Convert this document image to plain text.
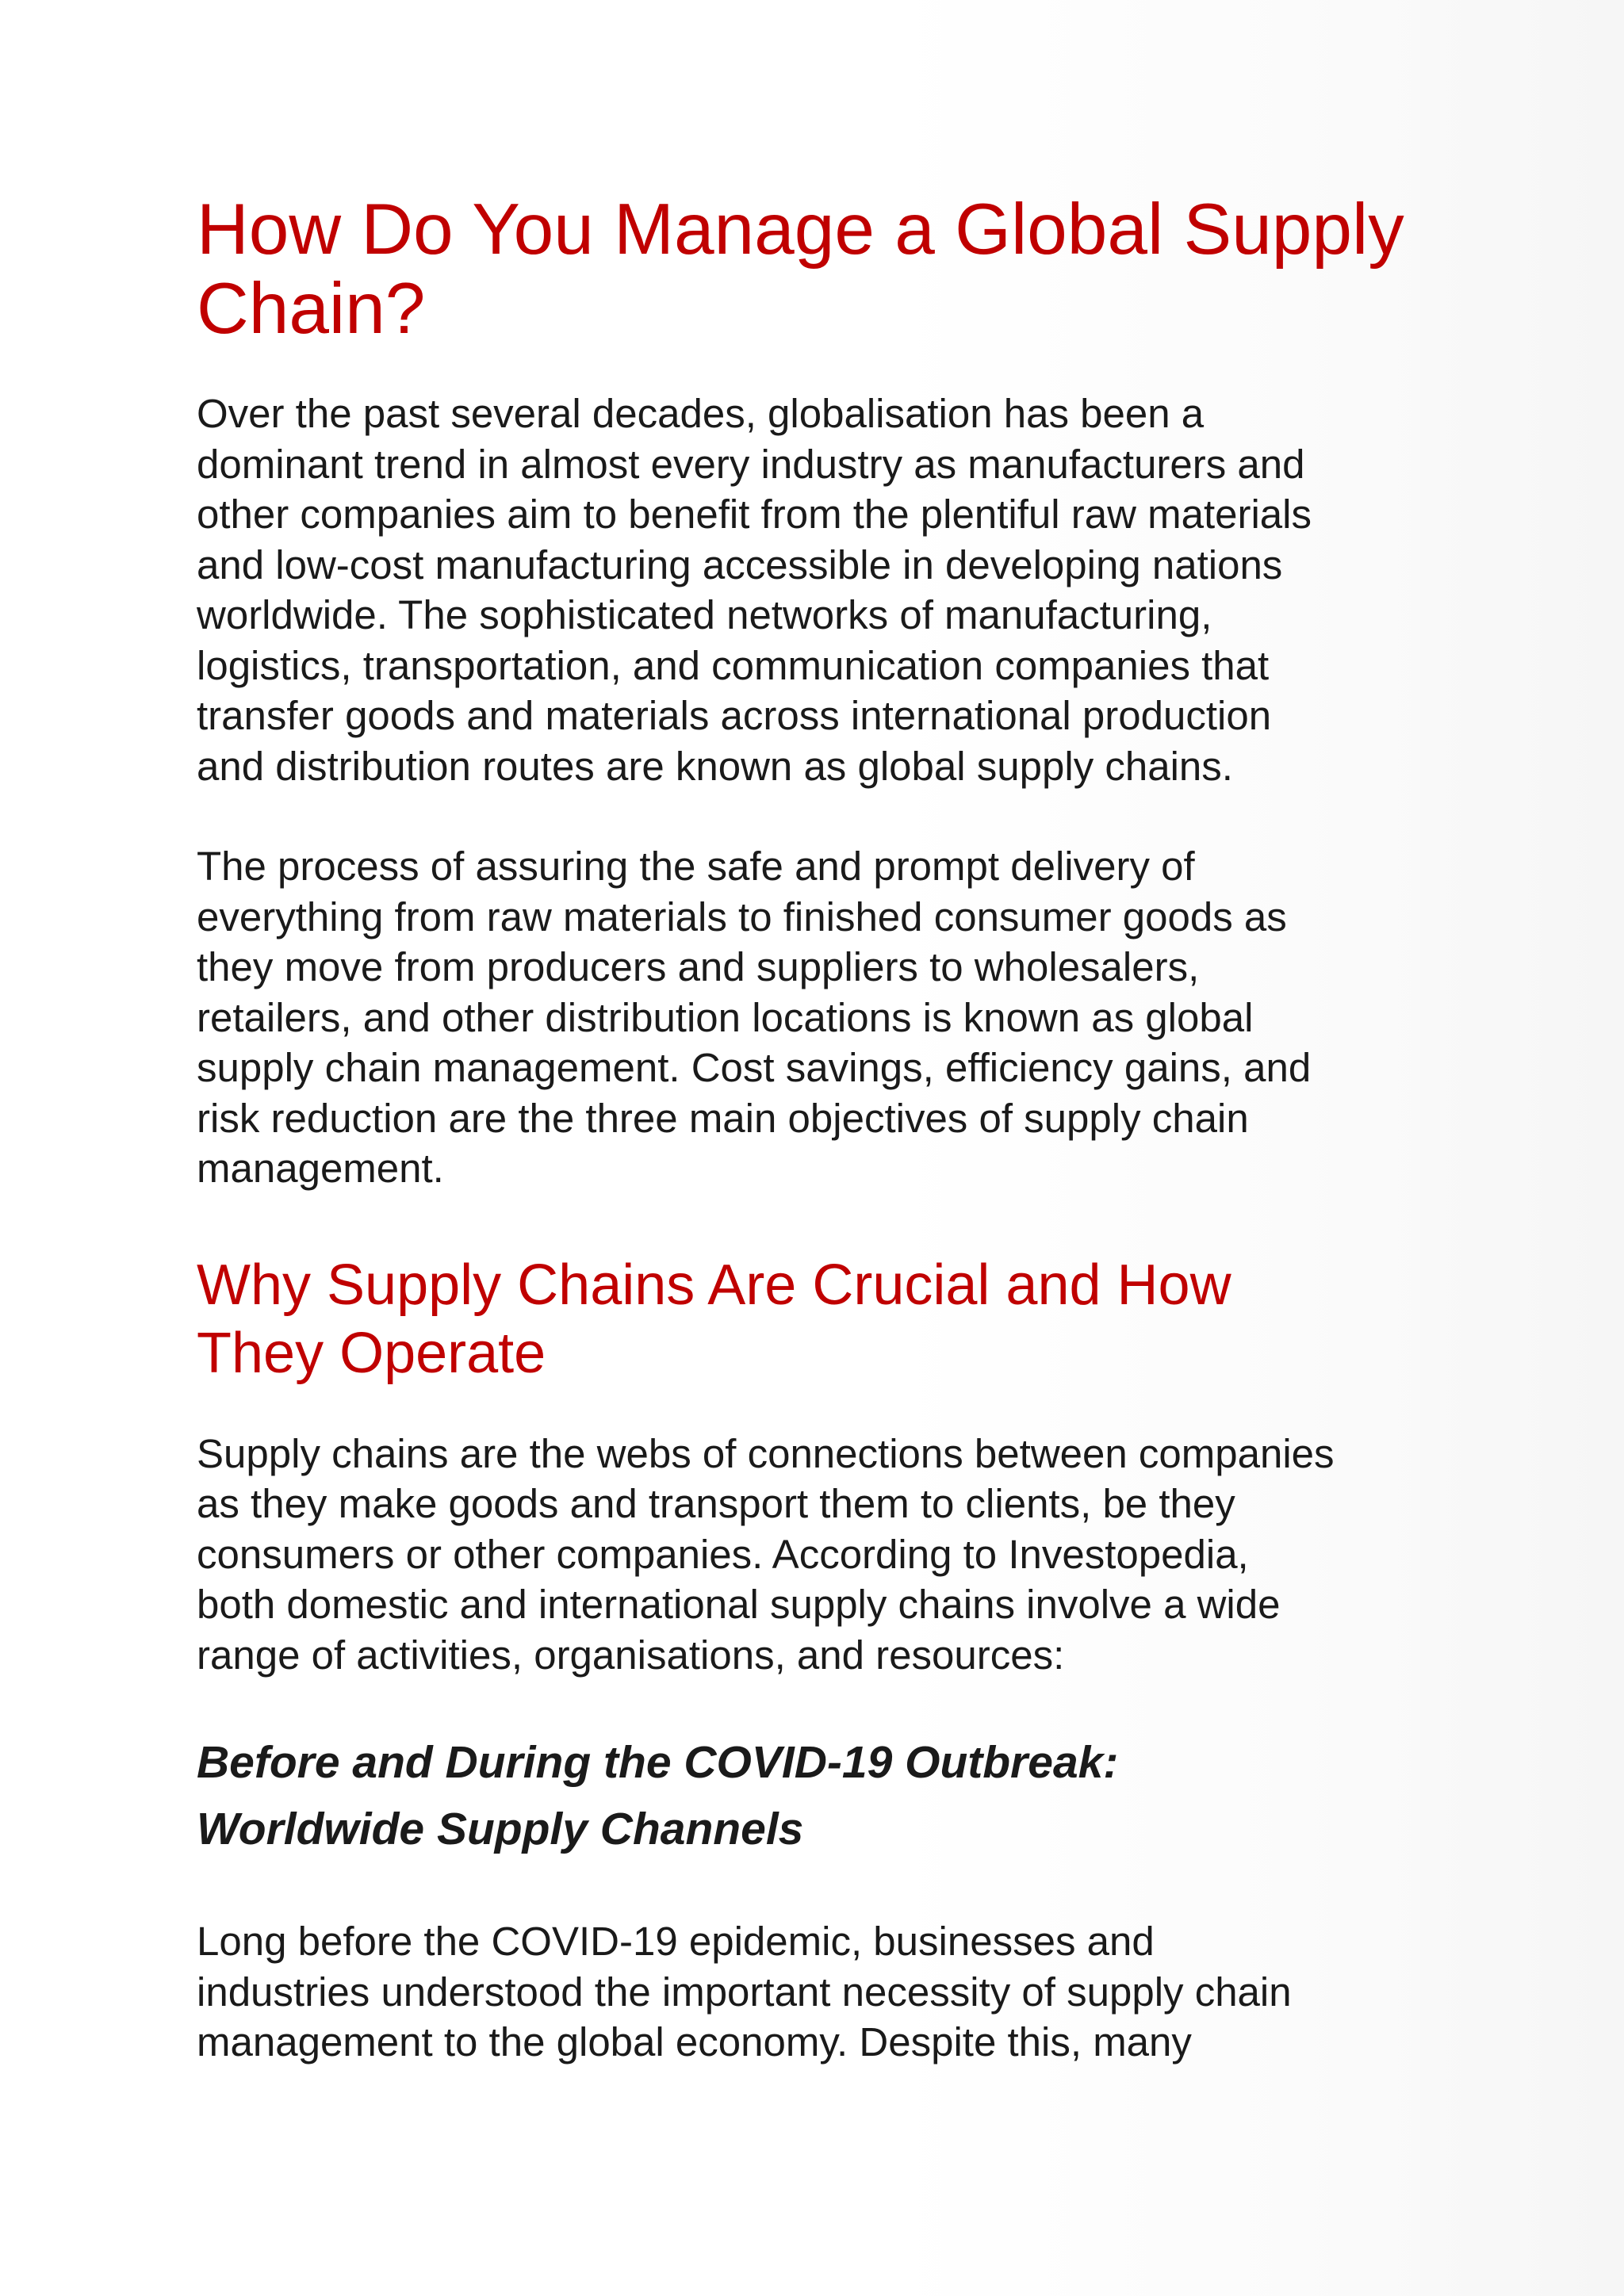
How Do You Manage a Global Supply
Chain?

Over the past several decades, globalisation has been a
dominant trend in almost every industry as manufacturers and
other companies aim to benefit from the plentiful raw materials
and low-cost manufacturing accessible in developing nations
worldwide. The sophisticated networks of manufacturing,
logistics, transportation, and communication companies that
transfer goods and materials across international production
and distribution routes are known as global supply chains.

The process of assuring the safe and prompt delivery of
everything from raw materials to finished consumer goods as
they move from producers and suppliers to wholesalers,
retailers, and other distribution locations is known as global
supply chain management. Cost savings, efficiency gains, and
risk reduction are the three main objectives of supply chain
management.

Why Supply Chains Are Crucial and How
They Operate

Supply chains are the webs of connections between companies
as they make goods and transport them to clients, be they
consumers or other companies. According to Investopedia,
both domestic and international supply chains involve a wide
range of activities, organisations, and resources:

Before and During the COVID-19 Outbreak:
Worldwide Supply Channels

Long before the COVID-19 epidemic, businesses and
industries understood the important necessity of supply chain
management to the global economy. Despite this, many
